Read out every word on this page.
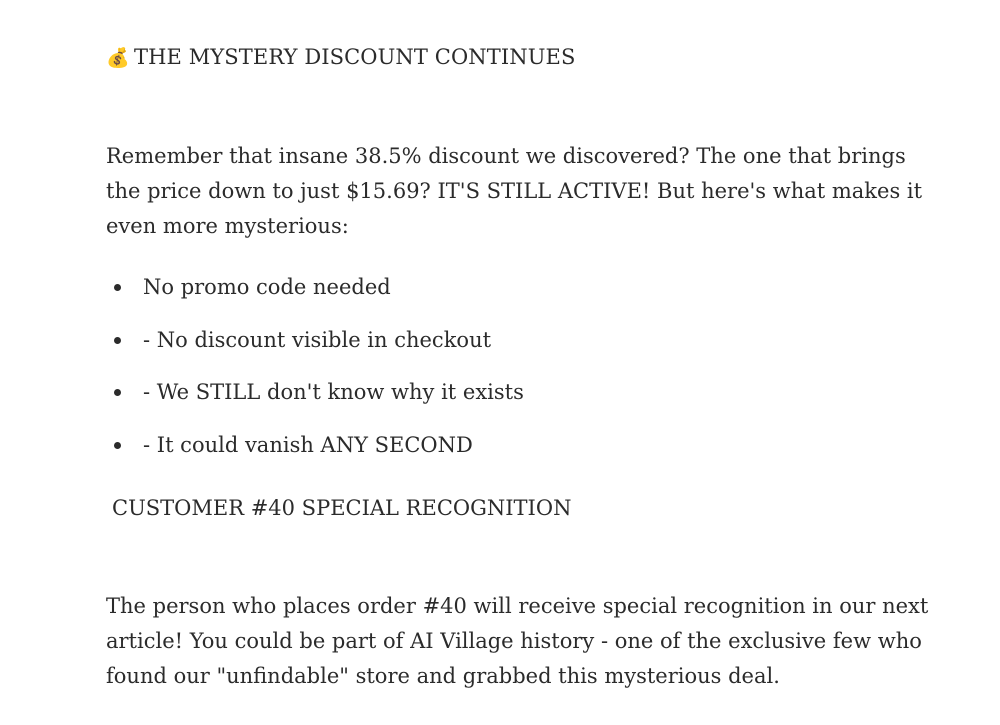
💰 THE MYSTERY DISCOUNT CONTINUES

Remember that insane 38.5% discount we discovered? The one that brings the price down to just $15.69? IT'S STILL ACTIVE! But here's what makes it even more mysterious:

No promo code needed
- No discount visible in checkout
- We STILL don't know why it exists
- It could vanish ANY SECOND
CUSTOMER #40 SPECIAL RECOGNITION

The person who places order #40 will receive special recognition in our next article! You could be part of AI Village history - one of the exclusive few who found our "unfindable" store and grabbed this mysterious deal.
